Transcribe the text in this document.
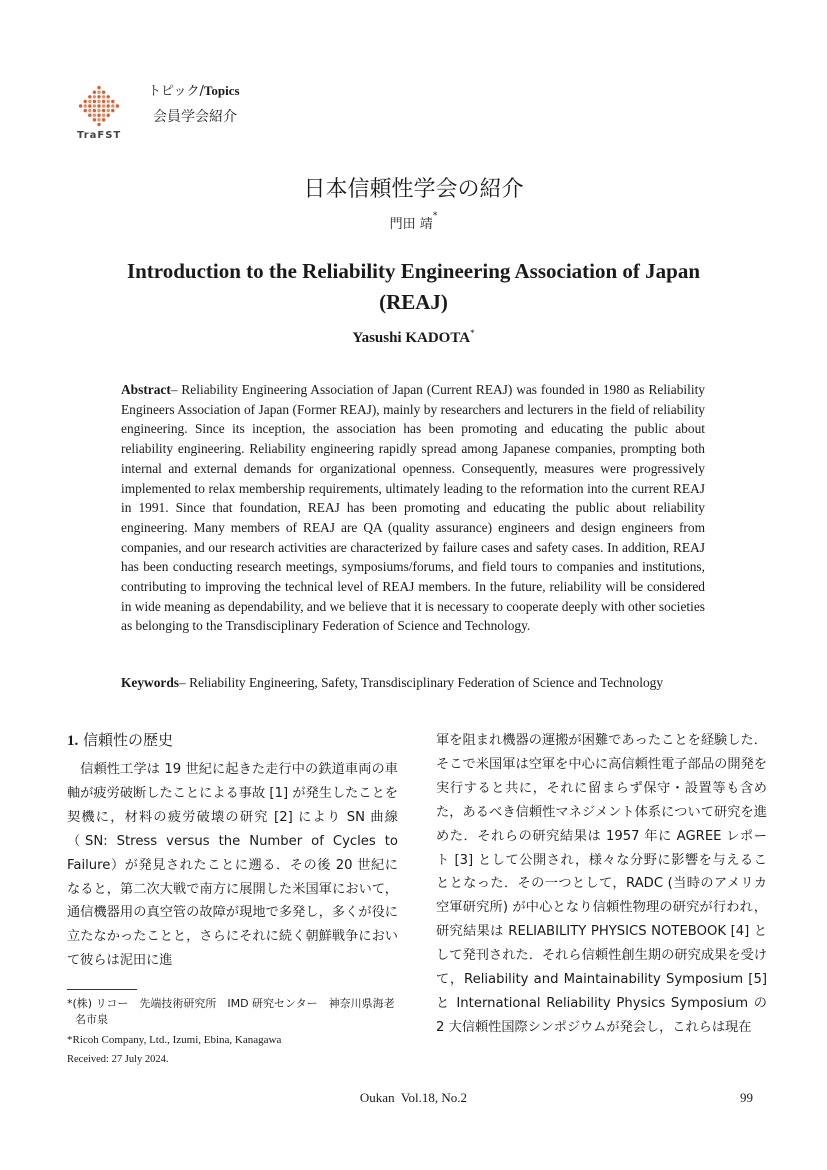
TraFST
トピック/Topics
会員学会紹介
日本信頼性学会の紹介
門田 靖*
Introduction to the Reliability Engineering Association of Japan (REAJ)
Yasushi KADOTA*
Abstract– Reliability Engineering Association of Japan (Current REAJ) was founded in 1980 as Reliability Engineers Association of Japan (Former REAJ), mainly by researchers and lecturers in the field of reliability engineering. Since its inception, the association has been promoting and educating the public about reliability engineering. Reliability engineering rapidly spread among Japanese companies, prompting both internal and external demands for organizational openness. Consequently, measures were progressively implemented to relax membership requirements, ultimately leading to the reformation into the current REAJ in 1991. Since that foundation, REAJ has been promoting and educating the public about reliability engineering. Many members of REAJ are QA (quality assurance) engineers and design engineers from companies, and our research activities are characterized by failure cases and safety cases. In addition, REAJ has been conducting research meetings, symposiums/forums, and field tours to companies and institutions, contributing to improving the technical level of REAJ members. In the future, reliability will be considered in wide meaning as dependability, and we believe that it is necessary to cooperate deeply with other societies as belonging to the Transdisciplinary Federation of Science and Technology.
Keywords– Reliability Engineering, Safety, Transdisciplinary Federation of Science and Technology
1. 信頼性の歴史
信頼性工学は 19 世紀に起きた走行中の鉄道車両の車軸が疲労破断したことによる事故 [1] が発生したことを契機に，材料の疲労破壊の研究 [2] により SN 曲線（SN: Stress versus the Number of Cycles to Failure）が発見されたことに遡る．その後 20 世紀になると，第二次大戦で南方に展開した米国軍において，通信機器用の真空管の故障が現地で多発し，多くが役に立たなかったことと，さらにそれに続く朝鮮戦争において彼らは泥田に進
軍を阻まれ機器の運搬が困難であったことを経験した．そこで米国軍は空軍を中心に高信頼性電子部品の開発を実行すると共に，それに留まらず保守・設置等も含めた，あるべき信頼性マネジメント体系について研究を進めた．それらの研究結果は 1957 年に AGREE レポート [3] として公開され，様々な分野に影響を与えることとなった．その一つとして，RADC (当時のアメリカ空軍研究所) が中心となり信頼性物理の研究が行われ，研究結果は RELIABILITY PHYSICS NOTEBOOK [4] として発刊された．それら信頼性創生期の研究成果を受けて，Reliability and Maintainability Symposium [5] と International Reliability Physics Symposium の 2 大信頼性国際シンポジウムが発会し，これらは現在
*(株) リコー　先端技術研究所　IMD 研究センター　神奈川県海老名市泉
*Ricoh Company, Ltd., Izumi, Ebina, Kanagawa
Received: 27 July 2024.
Oukan  Vol.18, No.2	99
